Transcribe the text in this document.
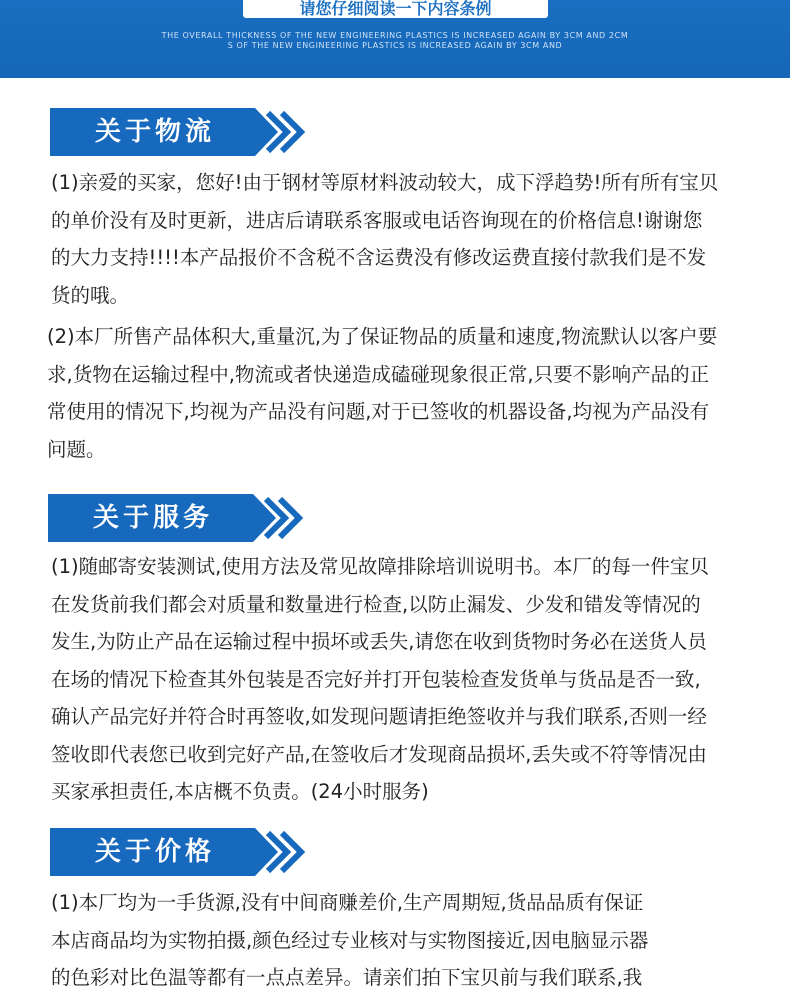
请您仔细阅读一下内容条例
THE OVERALL THICKNESS OF THE NEW ENGINEERING PLASTICS IS INCREASED AGAIN BY 3CM AND 2CM
S OF THE NEW ENGINEERING PLASTICS IS INCREASED AGAIN BY 3CM AND
关于物流

(1)亲爱的买家，您好!由于钢材等原材料波动较大，成下浮趋势!所有所有宝贝
的单价没有及时更新，进店后请联系客服或电话咨询现在的价格信息!谢谢您
的大力支持!!!!本产品报价不含税不含运费没有修改运费直接付款我们是不发
货的哦。

(2)本厂所售产品体积大,重量沉,为了保证物品的质量和速度,物流默认以客户要
求,货物在运输过程中,物流或者快递造成磕碰现象很正常,只要不影响产品的正
常使用的情况下,均视为产品没有问题,对于已签收的机器设备,均视为产品没有
问题。

关于服务

(1)随邮寄安装测试,使用方法及常见故障排除培训说明书。本厂的每一件宝贝
在发货前我们都会对质量和数量进行检查,以防止漏发、少发和错发等情况的
发生,为防止产品在运输过程中损坏或丢失,请您在收到货物时务必在送货人员
在场的情况下检查其外包装是否完好并打开包装检查发货单与货品是否一致,
确认产品完好并符合时再签收,如发现问题请拒绝签收并与我们联系,否则一经
签收即代表您已收到完好产品,在签收后才发现商品损坏,丢失或不符等情况由
买家承担责任,本店概不负责。(24小时服务)

关于价格

(1)本厂均为一手货源,没有中间商赚差价,生产周期短,货品品质有保证
本店商品均为实物拍摄,颜色经过专业核对与实物图接近,因电脑显示器
的色彩对比色温等都有一点点差异。请亲们拍下宝贝前与我们联系,我
